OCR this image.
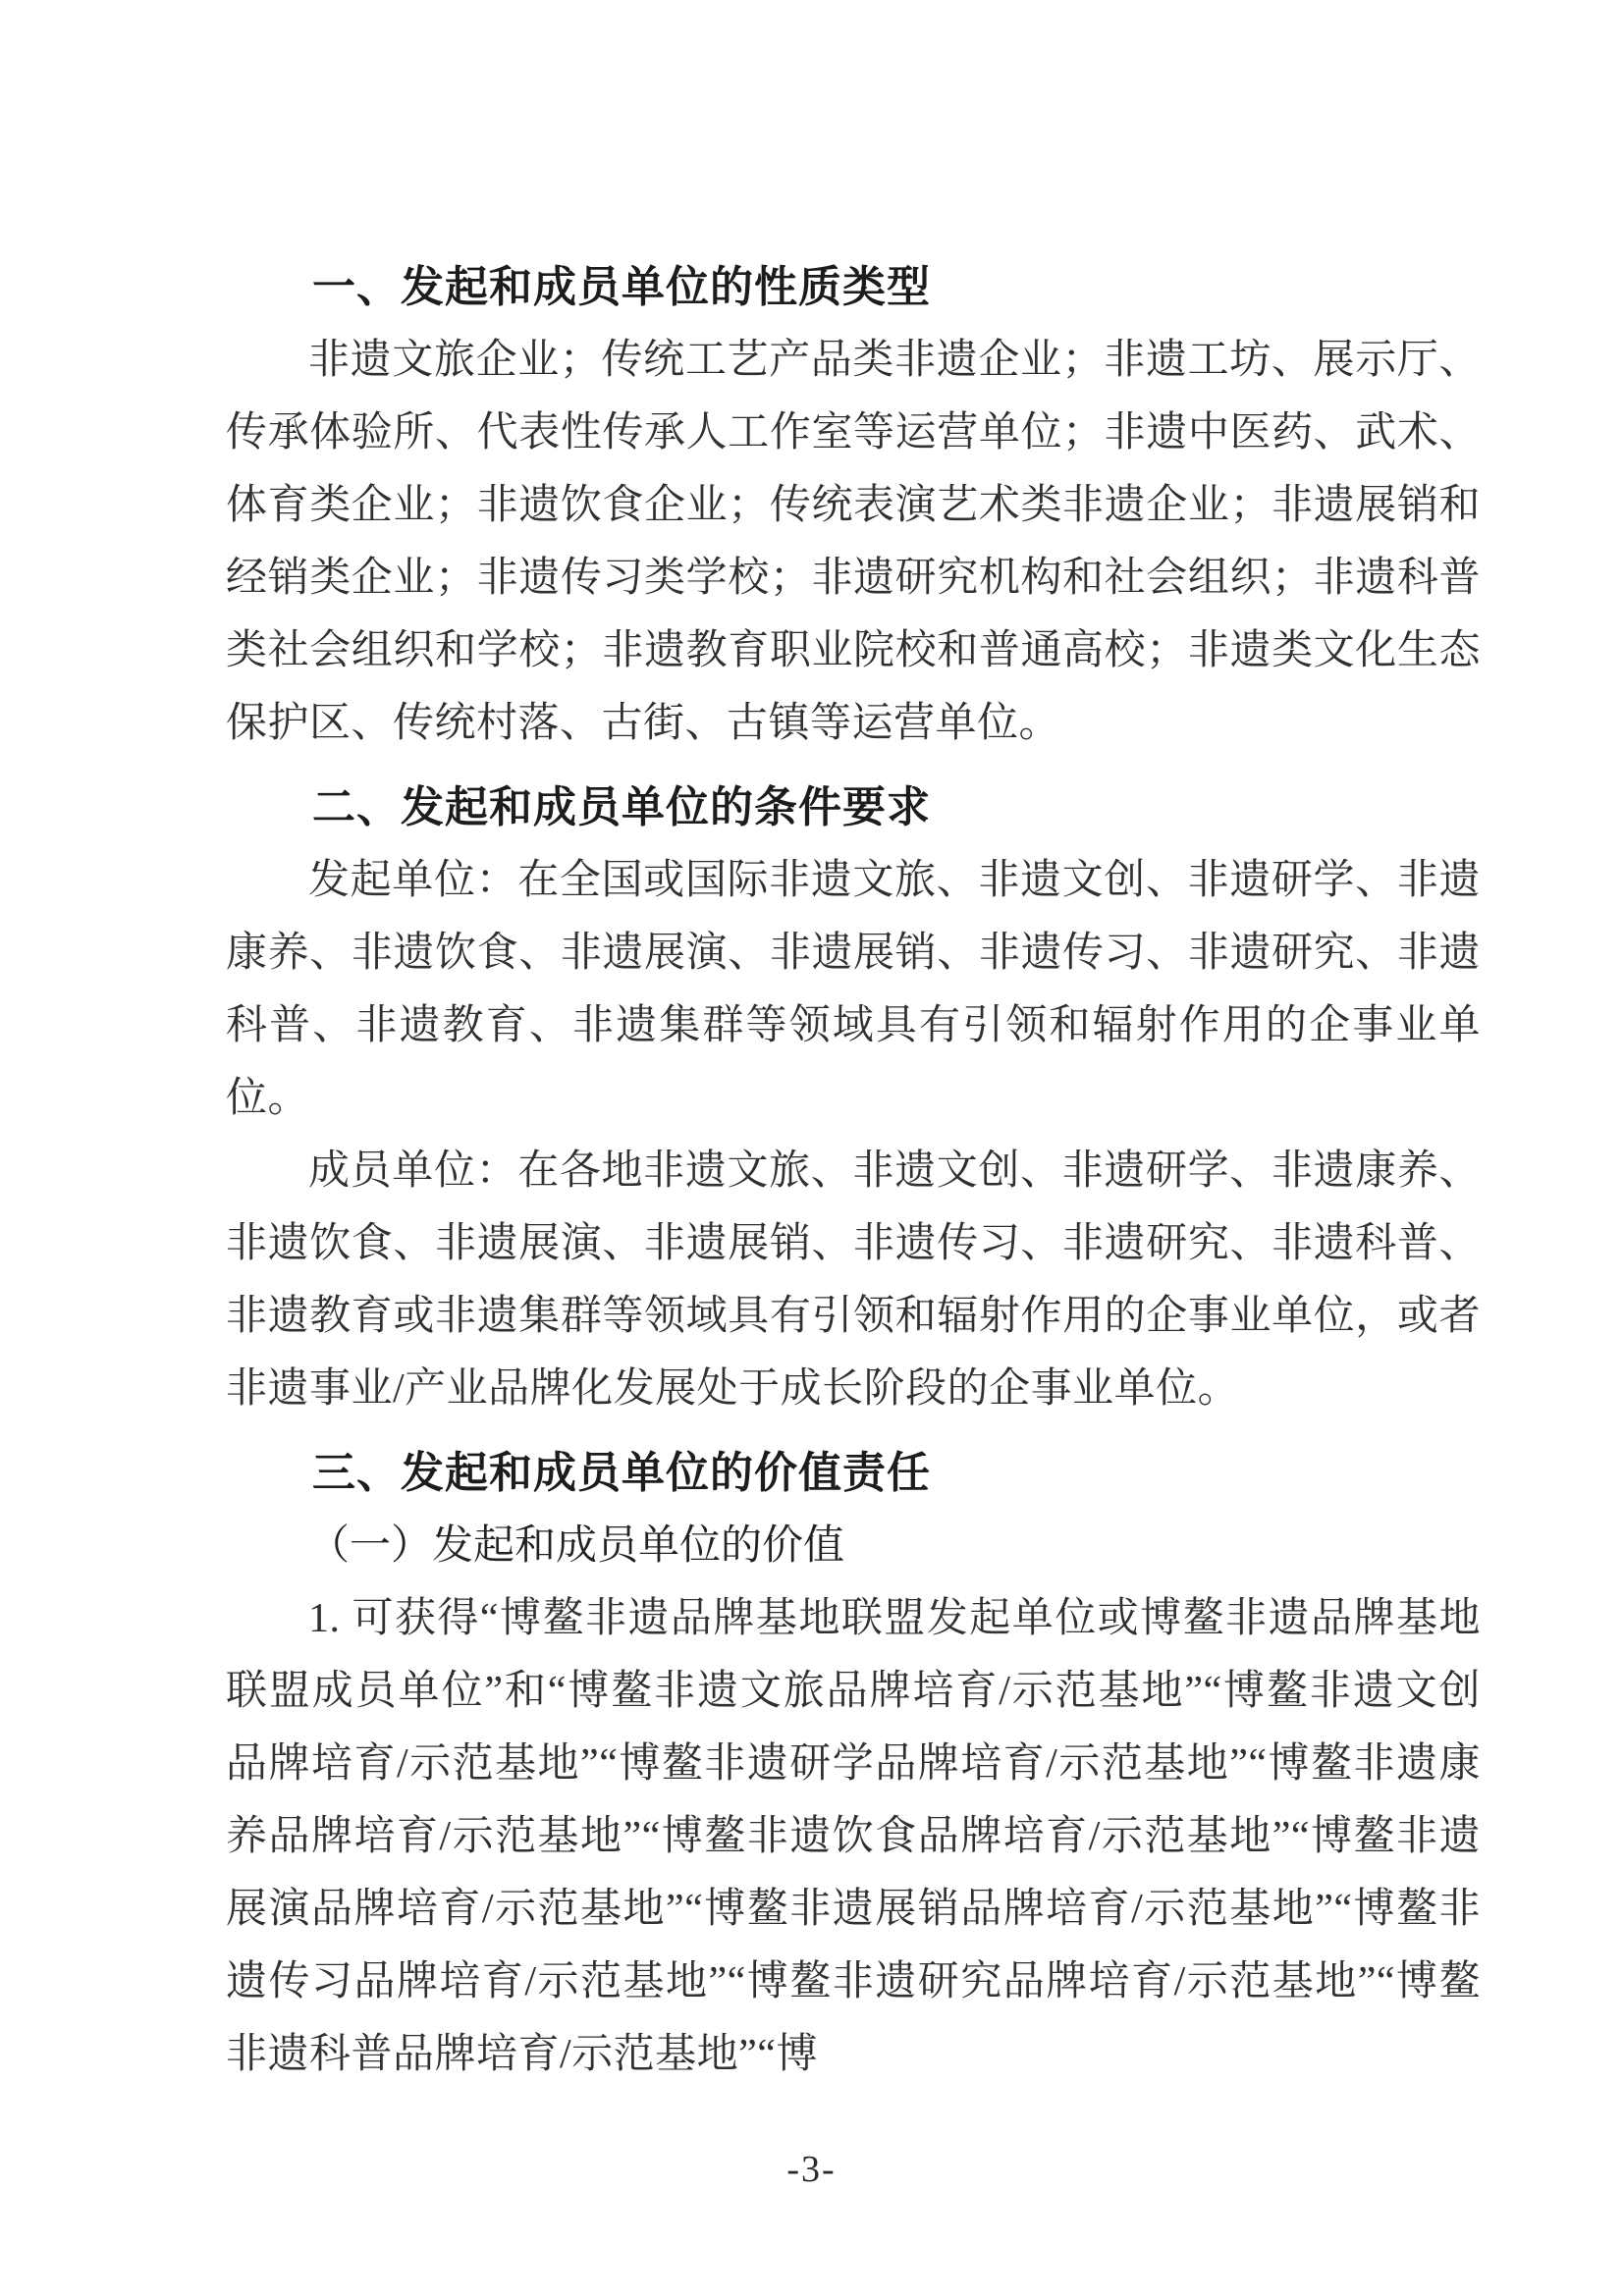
一、发起和成员单位的性质类型

非遗文旅企业；传统工艺产品类非遗企业；非遗工坊、展示厅、传承体验所、代表性传承人工作室等运营单位；非遗中医药、武术、体育类企业；非遗饮食企业；传统表演艺术类非遗企业；非遗展销和经销类企业；非遗传习类学校；非遗研究机构和社会组织；非遗科普类社会组织和学校；非遗教育职业院校和普通高校；非遗类文化生态保护区、传统村落、古街、古镇等运营单位。

二、发起和成员单位的条件要求

发起单位：在全国或国际非遗文旅、非遗文创、非遗研学、非遗康养、非遗饮食、非遗展演、非遗展销、非遗传习、非遗研究、非遗科普、非遗教育、非遗集群等领域具有引领和辐射作用的企事业单位。

成员单位：在各地非遗文旅、非遗文创、非遗研学、非遗康养、非遗饮食、非遗展演、非遗展销、非遗传习、非遗研究、非遗科普、非遗教育或非遗集群等领域具有引领和辐射作用的企事业单位，或者非遗事业/产业品牌化发展处于成长阶段的企事业单位。

三、发起和成员单位的价值责任
（一）发起和成员单位的价值

1. 可获得“博鳌非遗品牌基地联盟发起单位或博鳌非遗品牌基地联盟成员单位”和“博鳌非遗文旅品牌培育/示范基地”“博鳌非遗文创品牌培育/示范基地”“博鳌非遗研学品牌培育/示范基地”“博鳌非遗康养品牌培育/示范基地”“博鳌非遗饮食品牌培育/示范基地”“博鳌非遗展演品牌培育/示范基地”“博鳌非遗展销品牌培育/示范基地”“博鳌非遗传习品牌培育/示范基地”“博鳌非遗研究品牌培育/示范基地”“博鳌非遗科普品牌培育/示范基地”“博

-3-
